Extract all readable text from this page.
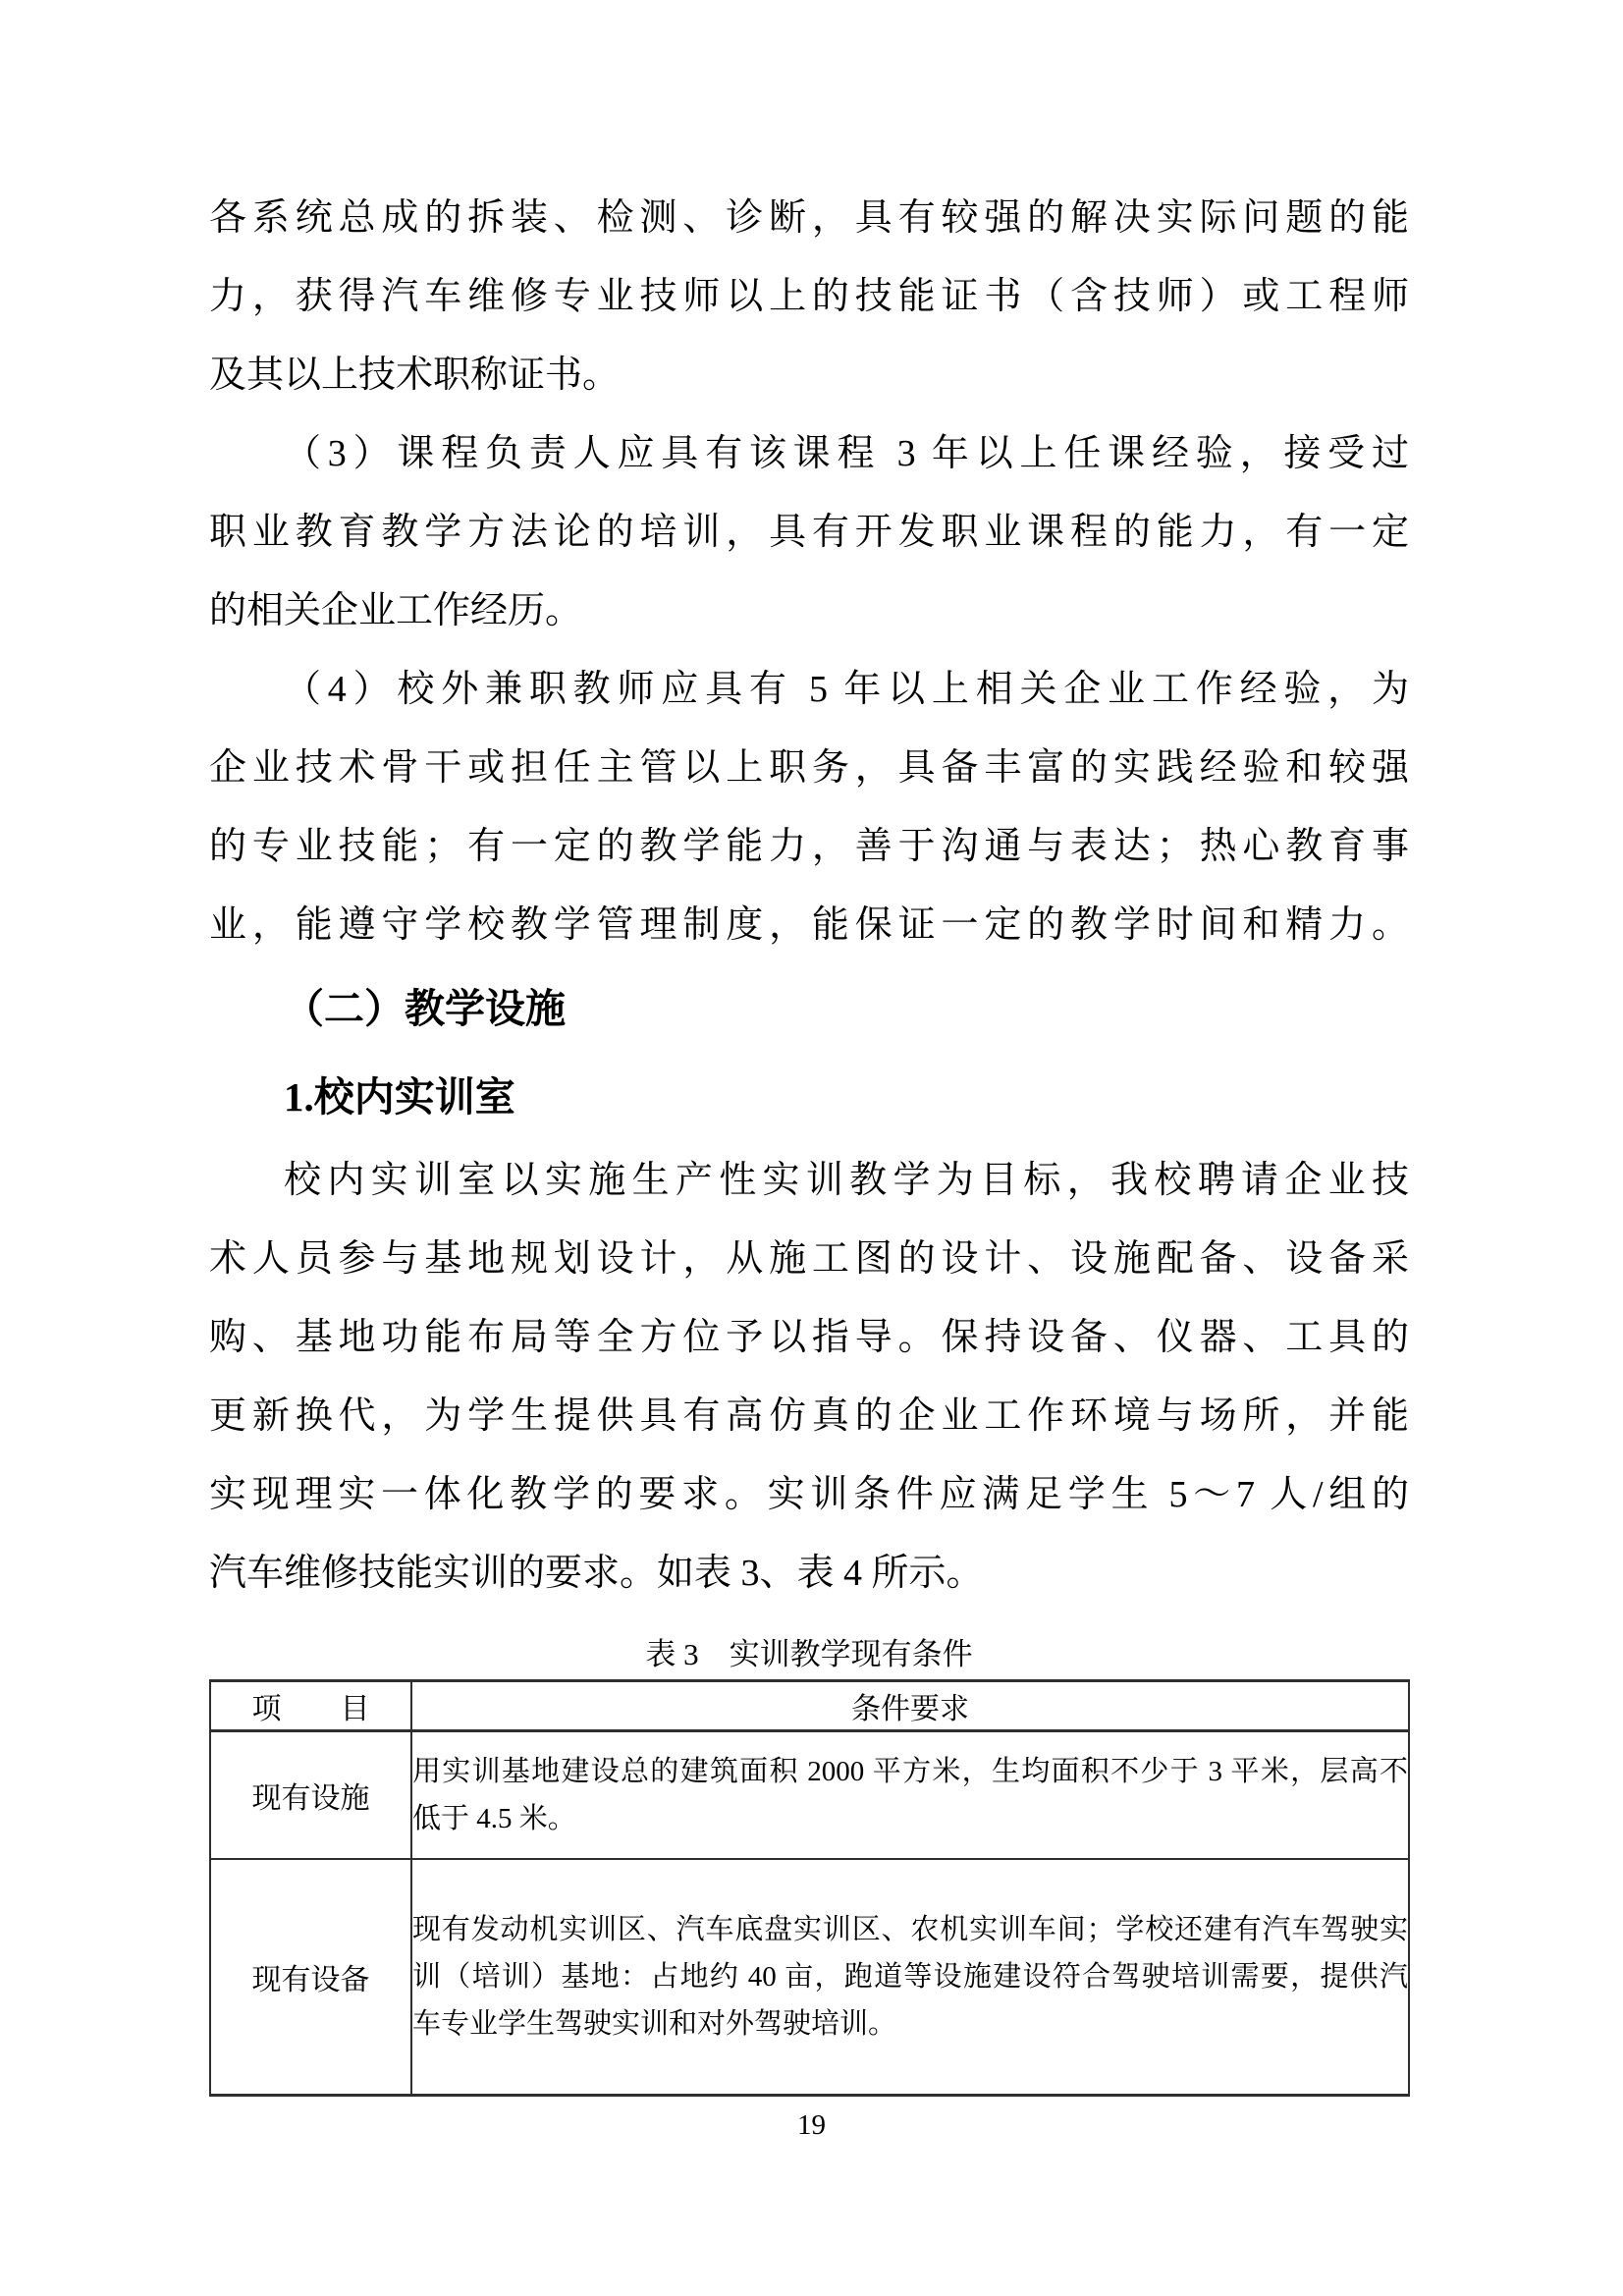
各系统总成的拆装、检测、诊断，具有较强的解决实际问题的能
力，获得汽车维修专业技师以上的技能证书（含技师）或工程师
及其以上技术职称证书。
（3）课程负责人应具有该课程 3 年以上任课经验，接受过
职业教育教学方法论的培训，具有开发职业课程的能力，有一定
的相关企业工作经历。
（4）校外兼职教师应具有 5 年以上相关企业工作经验，为
企业技术骨干或担任主管以上职务，具备丰富的实践经验和较强
的专业技能；有一定的教学能力，善于沟通与表达；热心教育事
业，能遵守学校教学管理制度，能保证一定的教学时间和精力。
（二）教学设施
1.校内实训室
校内实训室以实施生产性实训教学为目标，我校聘请企业技
术人员参与基地规划设计，从施工图的设计、设施配备、设备采
购、基地功能布局等全方位予以指导。保持设备、仪器、工具的
更新换代，为学生提供具有高仿真的企业工作环境与场所，并能
实现理实一体化教学的要求。实训条件应满足学生 5～7 人/组的
汽车维修技能实训的要求。如表 3、表 4 所示。
表 3　实训教学现有条件
项　　目	条件要求
现有设施	用实训基地建设总的建筑面积 2000 平方米，生均面积不少于 3 平米，层高不
低于 4.5 米。

现有设备	现有发动机实训区、汽车底盘实训区、农机实训车间；学校还建有汽车驾驶实
训（培训）基地：占地约 40 亩，跑道等设施建设符合驾驶培训需要，提供汽
车专业学生驾驶实训和对外驾驶培训。
19
